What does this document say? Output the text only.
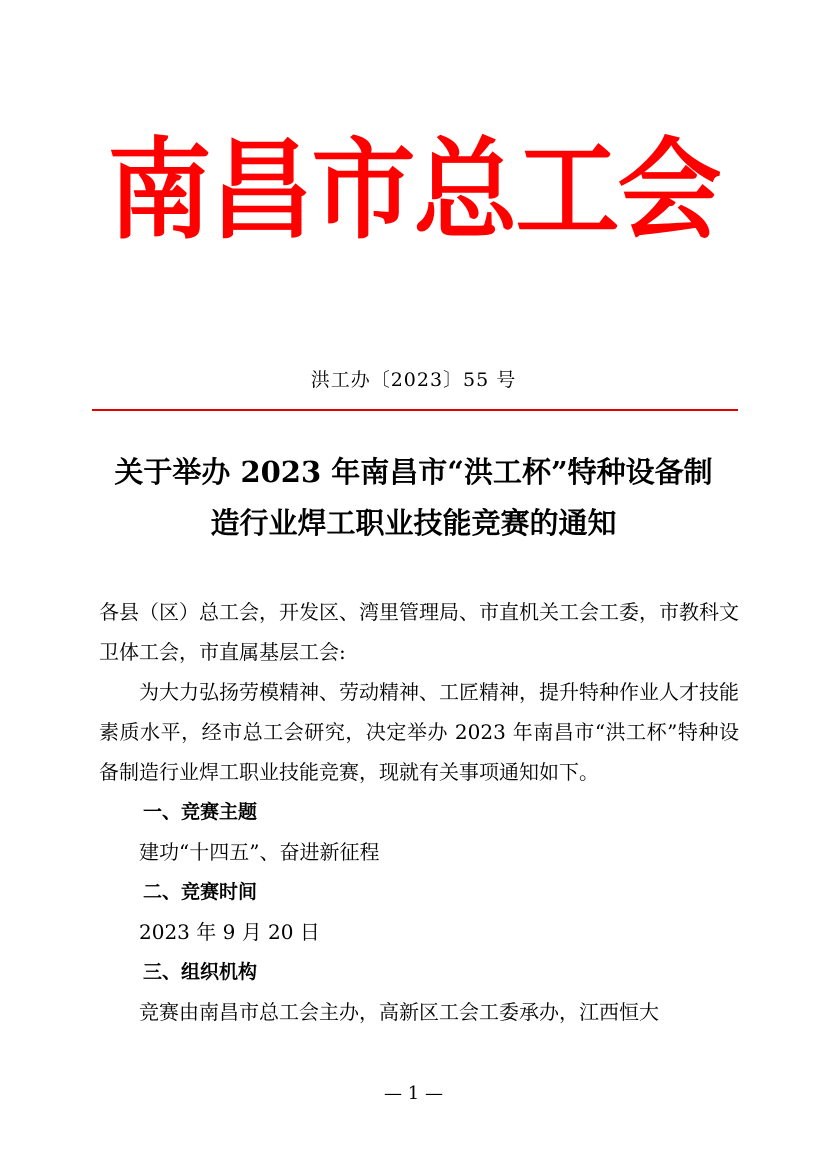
南昌市总工会
洪工办〔2023〕55 号
关于举办 2023 年南昌市“洪工杯”特种设备制
造行业焊工职业技能竞赛的通知

各县（区）总工会，开发区、湾里管理局、市直机关工会工委，市教科文卫体工会，市直属基层工会:

为大力弘扬劳模精神、劳动精神、工匠精神，提升特种作业人才技能素质水平，经市总工会研究，决定举办 2023 年南昌市“洪工杯”特种设备制造行业焊工职业技能竞赛，现就有关事项通知如下。

一、竞赛主题

建功“十四五”、奋进新征程

二、竞赛时间

2023 年 9 月 20 日

三、组织机构

竞赛由南昌市总工会主办，高新区工会工委承办，江西恒大

— 1 —
